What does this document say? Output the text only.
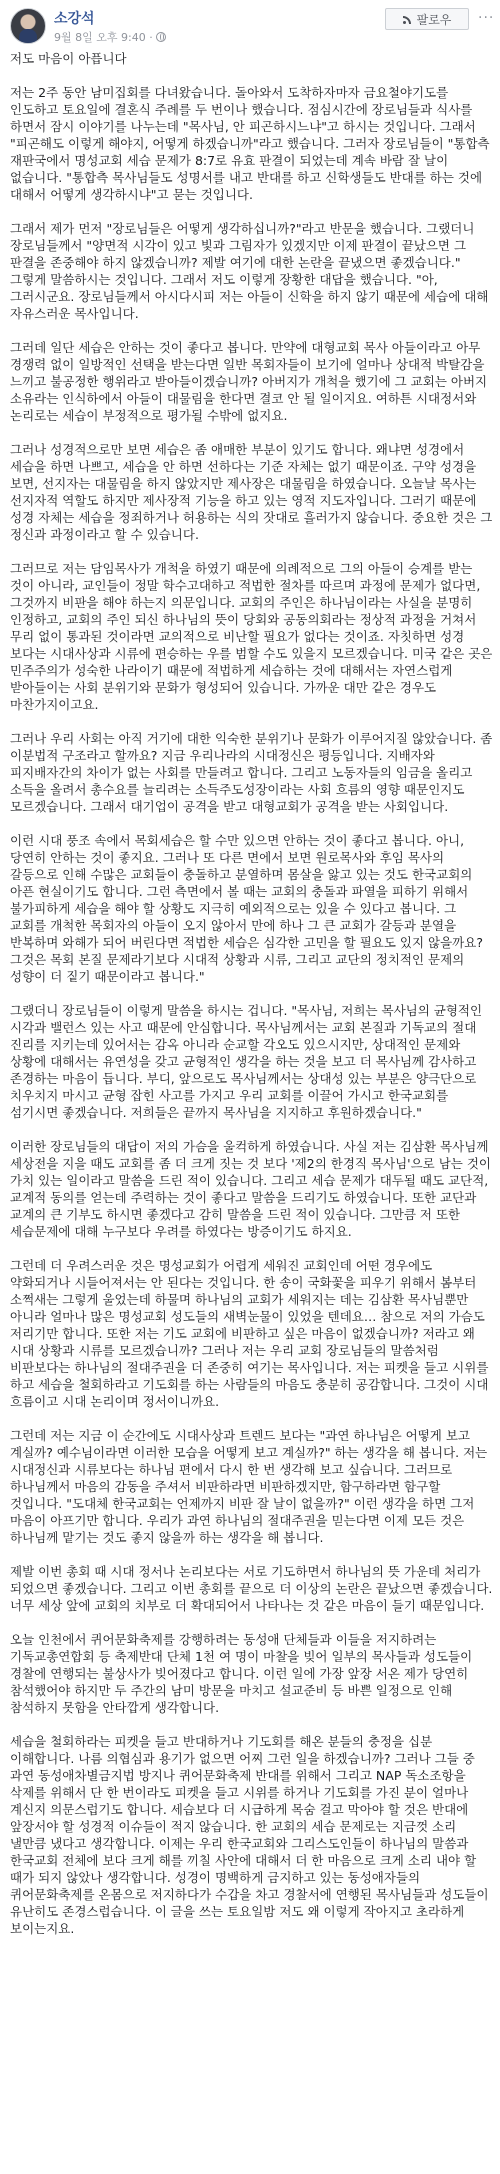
소강석
9월 8일 오후 9:40 ·
팔로우 ···

저도 마음이 아픕니다

저는 2주 동안 남미집회를 다녀왔습니다. 돌아와서 도착하자마자 금요철야기도를 인도하고 토요일에 결혼식 주례를 두 번이나 했습니다. 점심시간에 장로님들과 식사를 하면서 잠시 이야기를 나누는데 "목사님, 안 피곤하시느냐"고 하시는 것입니다. 그래서 "피곤해도 이렇게 해야지, 어떻게 하겠습니까"라고 했습니다. 그러자 장로님들이 "통합측 재판국에서 명성교회 세습 문제가 8:7로 유효 판결이 되었는데 계속 바람 잘 날이 없습니다. "통합측 목사님들도 성명서를 내고 반대를 하고 신학생들도 반대를 하는 것에 대해서 어떻게 생각하시냐"고 묻는 것입니다.

그래서 제가 먼저 "장로님들은 어떻게 생각하십니까?"라고 반문을 했습니다. 그랬더니 장로님들께서 "양면적 시각이 있고 빛과 그림자가 있겠지만 이제 판결이 끝났으면 그 판결을 존중해야 하지 않겠습니까? 제발 여기에 대한 논란을 끝냈으면 좋겠습니다." 그렇게 말씀하시는 것입니다. 그래서 저도 이렇게 장황한 대답을 했습니다. "아, 그러시군요. 장로님들께서 아시다시피 저는 아들이 신학을 하지 않기 때문에 세습에 대해 자유스러운 목사입니다.

그러데 일단 세습은 안하는 것이 좋다고 봅니다. 만약에 대형교회 목사 아들이라고 아무 경쟁력 없이 일방적인 선택을 받는다면 일반 목회자들이 보기에 얼마나 상대적 박탈감을 느끼고 불공정한 행위라고 받아들이겠습니까? 아버지가 개척을 했기에 그 교회는 아버지 소유라는 인식하에서 아들이 대물림을 한다면 결코 안 될 일이지요. 여하튼 시대정서와 논리로는 세습이 부정적으로 평가될 수밖에 없지요.

그러나 성경적으로만 보면 세습은 좀 애매한 부분이 있기도 합니다. 왜냐면 성경에서 세습을 하면 나쁘고, 세습을 안 하면 선하다는 기준 자체는 없기 때문이죠. 구약 성경을 보면, 선지자는 대물림을 하지 않았지만 제사장은 대물림을 하였습니다. 오늘날 목사는 선지자적 역할도 하지만 제사장적 기능을 하고 있는 영적 지도자입니다. 그러기 때문에 성경 자체는 세습을 정죄하거나 허용하는 식의 잣대로 흘러가지 않습니다. 중요한 것은 그 정신과 과정이라고 할 수 있습니다.

그러므로 저는 담임목사가 개척을 하였기 때문에 의례적으로 그의 아들이 승계를 받는 것이 아니라, 교인들이 정말 학수고대하고 적법한 절차를 따르며 과정에 문제가 없다면, 그것까지 비판을 해야 하는지 의문입니다. 교회의 주인은 하나님이라는 사실을 분명히 인정하고, 교회의 주인 되신 하나님의 뜻이 당회와 공동의회라는 정상적 과정을 거쳐서 무리 없이 통과된 것이라면 교의적으로 비난할 필요가 없다는 것이죠. 자칫하면 성경 보다는 시대사상과 시류에 편승하는 우를 범할 수도 있을지 모르겠습니다. 미국 같은 곳은 민주주의가 성숙한 나라이기 때문에 적법하게 세습하는 것에 대해서는 자연스럽게 받아들이는 사회 분위기와 문화가 형성되어 있습니다. 가까운 대만 같은 경우도 마찬가지이고요.

그러나 우리 사회는 아직 거기에 대한 익숙한 분위기나 문화가 이루어지질 않았습니다. 좀 이분법적 구조라고 할까요? 지금 우리나라의 시대정신은 평등입니다. 지배자와 피지배자간의 차이가 없는 사회를 만들려고 합니다. 그리고 노동자들의 임금을 올리고 소득을 올려서 총수요를 늘리려는 소득주도성장이라는 사회 흐름의 영향 때문인지도 모르겠습니다. 그래서 대기업이 공격을 받고 대형교회가 공격을 받는 사회입니다.

이런 시대 풍조 속에서 목회세습은 할 수만 있으면 안하는 것이 좋다고 봅니다. 아니, 당연히 안하는 것이 좋지요. 그러나 또 다른 면에서 보면 원로목사와 후임 목사의 갈등으로 인해 수많은 교회들이 충돌하고 분열하며 몸살을 앓고 있는 것도 한국교회의 아픈 현실이기도 합니다. 그런 측면에서 볼 때는 교회의 충돌과 파열을 피하기 위해서 불가피하게 세습을 해야 할 상황도 지극히 예외적으로는 있을 수 있다고 봅니다. 그 교회를 개척한 목회자의 아들이 오지 않아서 만에 하나 그 큰 교회가 갈등과 분열을 반복하며 와해가 되어 버린다면 적법한 세습은 심각한 고민을 할 필요도 있지 않을까요? 그것은 목회 본질 문제라기보다 시대적 상황과 시류, 그리고 교단의 정치적인 문제의 성향이 더 짙기 때문이라고 봅니다."

그랬더니 장로님들이 이렇게 말씀을 하시는 겁니다. "목사님, 저희는 목사님의 균형적인 시각과 밸런스 있는 사고 때문에 안심합니다. 목사님께서는 교회 본질과 기독교의 절대 진리를 지키는데 있어서는 감옥 아니라 순교할 각오도 있으시지만, 상대적인 문제와 상황에 대해서는 유연성을 갖고 균형적인 생각을 하는 것을 보고 더 목사님께 감사하고 존경하는 마음이 듭니다. 부디, 앞으로도 목사님께서는 상대성 있는 부분은 양극단으로 치우치지 마시고 균형 잡힌 사고를 가지고 우리 교회를 이끌어 가시고 한국교회를 섬기시면 좋겠습니다. 저희들은 끝까지 목사님을 지지하고 후원하겠습니다."

이러한 장로님들의 대답이 저의 가슴을 울컥하게 하였습니다. 사실 저는 김삼환 목사님께 세상전을 지을 때도 교회를 좀 더 크게 짓는 것 보다 '제2의 한경직 목사님'으로 남는 것이 가치 있는 일이라고 말씀을 드린 적이 있습니다. 그리고 세습 문제가 대두될 때도 교단적, 교계적 동의를 얻는데 주력하는 것이 좋다고 말씀을 드리기도 하였습니다. 또한 교단과 교계의 큰 기부도 하시면 좋겠다고 감히 말씀을 드린 적이 있습니다. 그만큼 저 또한 세습문제에 대해 누구보다 우려를 하였다는 방증이기도 하지요.

그런데 더 우려스러운 것은 명성교회가 어렵게 세워진 교회인데 어떤 경우에도 약화되거나 시들어져서는 안 된다는 것입니다. 한 송이 국화꽃을 피우기 위해서 봄부터 소쩍새는 그렇게 울었는데 하물며 하나님의 교회가 세워지는 데는 김삼환 목사님뿐만 아니라 얼마나 많은 명성교회 성도들의 새벽눈물이 있었을 텐데요… 참으로 저의 가슴도 저리기만 합니다. 또한 저는 기도 교회에 비판하고 싶은 마음이 없겠습니까? 저라고 왜 시대 상황과 시류를 모르겠습니까? 그러나 저는 우리 교회 장로님들의 말씀처럼 비판보다는 하나님의 절대주권을 더 존중히 여기는 목사입니다. 저는 피켓을 들고 시위를 하고 세습을 철회하라고 기도회를 하는 사람들의 마음도 충분히 공감합니다. 그것이 시대 흐름이고 시대 논리이며 정서이니까요.

그런데 저는 지금 이 순간에도 시대사상과 트렌드 보다는 "과연 하나님은 어떻게 보고 계실까? 예수님이라면 이러한 모습을 어떻게 보고 계실까?" 하는 생각을 해 봅니다. 저는 시대정신과 시류보다는 하나님 편에서 다시 한 번 생각해 보고 싶습니다. 그러므로 하나님께서 마음의 감동을 주셔서 비판하라면 비판하겠지만, 함구하라면 함구할 것입니다. "도대체 한국교회는 언제까지 비판 잘 날이 없을까?" 이런 생각을 하면 그저 마음이 아프기만 합니다. 우리가 과연 하나님의 절대주권을 믿는다면 이제 모든 것은 하나님께 맡기는 것도 좋지 않을까 하는 생각을 해 봅니다.

제발 이번 총회 때 시대 정서나 논리보다는 서로 기도하면서 하나님의 뜻 가운데 처리가 되었으면 좋겠습니다. 그리고 이번 총회를 끝으로 더 이상의 논란은 끝났으면 좋겠습니다. 너무 세상 앞에 교회의 치부로 더 확대되어서 나타나는 것 같은 마음이 들기 때문입니다.

오늘 인천에서 퀴어문화축제를 강행하려는 동성애 단체들과 이들을 저지하려는 기독교총연합회 등 축제반대 단체 1천 여 명이 마찰을 빚어 일부의 목사들과 성도들이 경찰에 연행되는 불상사가 빚어졌다고 합니다. 이런 일에 가장 앞장 서온 제가 당연히 참석했어야 하지만 두 주간의 남미 방문을 마치고 설교준비 등 바쁜 일정으로 인해 참석하지 못함을 안타깝게 생각합니다.

세습을 철회하라는 피켓을 들고 반대하거나 기도회를 해온 분들의 충정을 십분 이해합니다. 나름 의협심과 용기가 없으면 어찌 그런 일을 하겠습니까? 그러나 그들 중 과연 동성애차별금지법 방지나 퀴어문화축제 반대를 위해서 그리고 NAP 독소조항을 삭제를 위해서 단 한 번이라도 피켓을 들고 시위를 하거나 기도회를 가진 분이 얼마나 계신지 의문스럽기도 합니다. 세습보다 더 시급하게 목숨 걸고 막아야 할 것은 반대에 앞장서야 할 성경적 이슈들이 적지 않습니다. 한 교회의 세습 문제로는 지금껏 소리 낼만큼 냈다고 생각합니다. 이제는 우리 한국교회와 그리스도인들이 하나님의 말씀과 한국교회 전체에 보다 크게 해를 끼칠 사안에 대해서 더 한 마음으로 크게 소리 내야 할 때가 되지 않았나 생각합니다. 성경이 명백하게 금지하고 있는 동성애자들의 퀴어문화축제를 온몸으로 저지하다가 수갑을 차고 경찰서에 연행된 목사님들과 성도들이 유난히도 존경스럽습니다. 이 글을 쓰는 토요일밤 저도 왜 이렇게 작아지고 초라하게 보이는지요.
